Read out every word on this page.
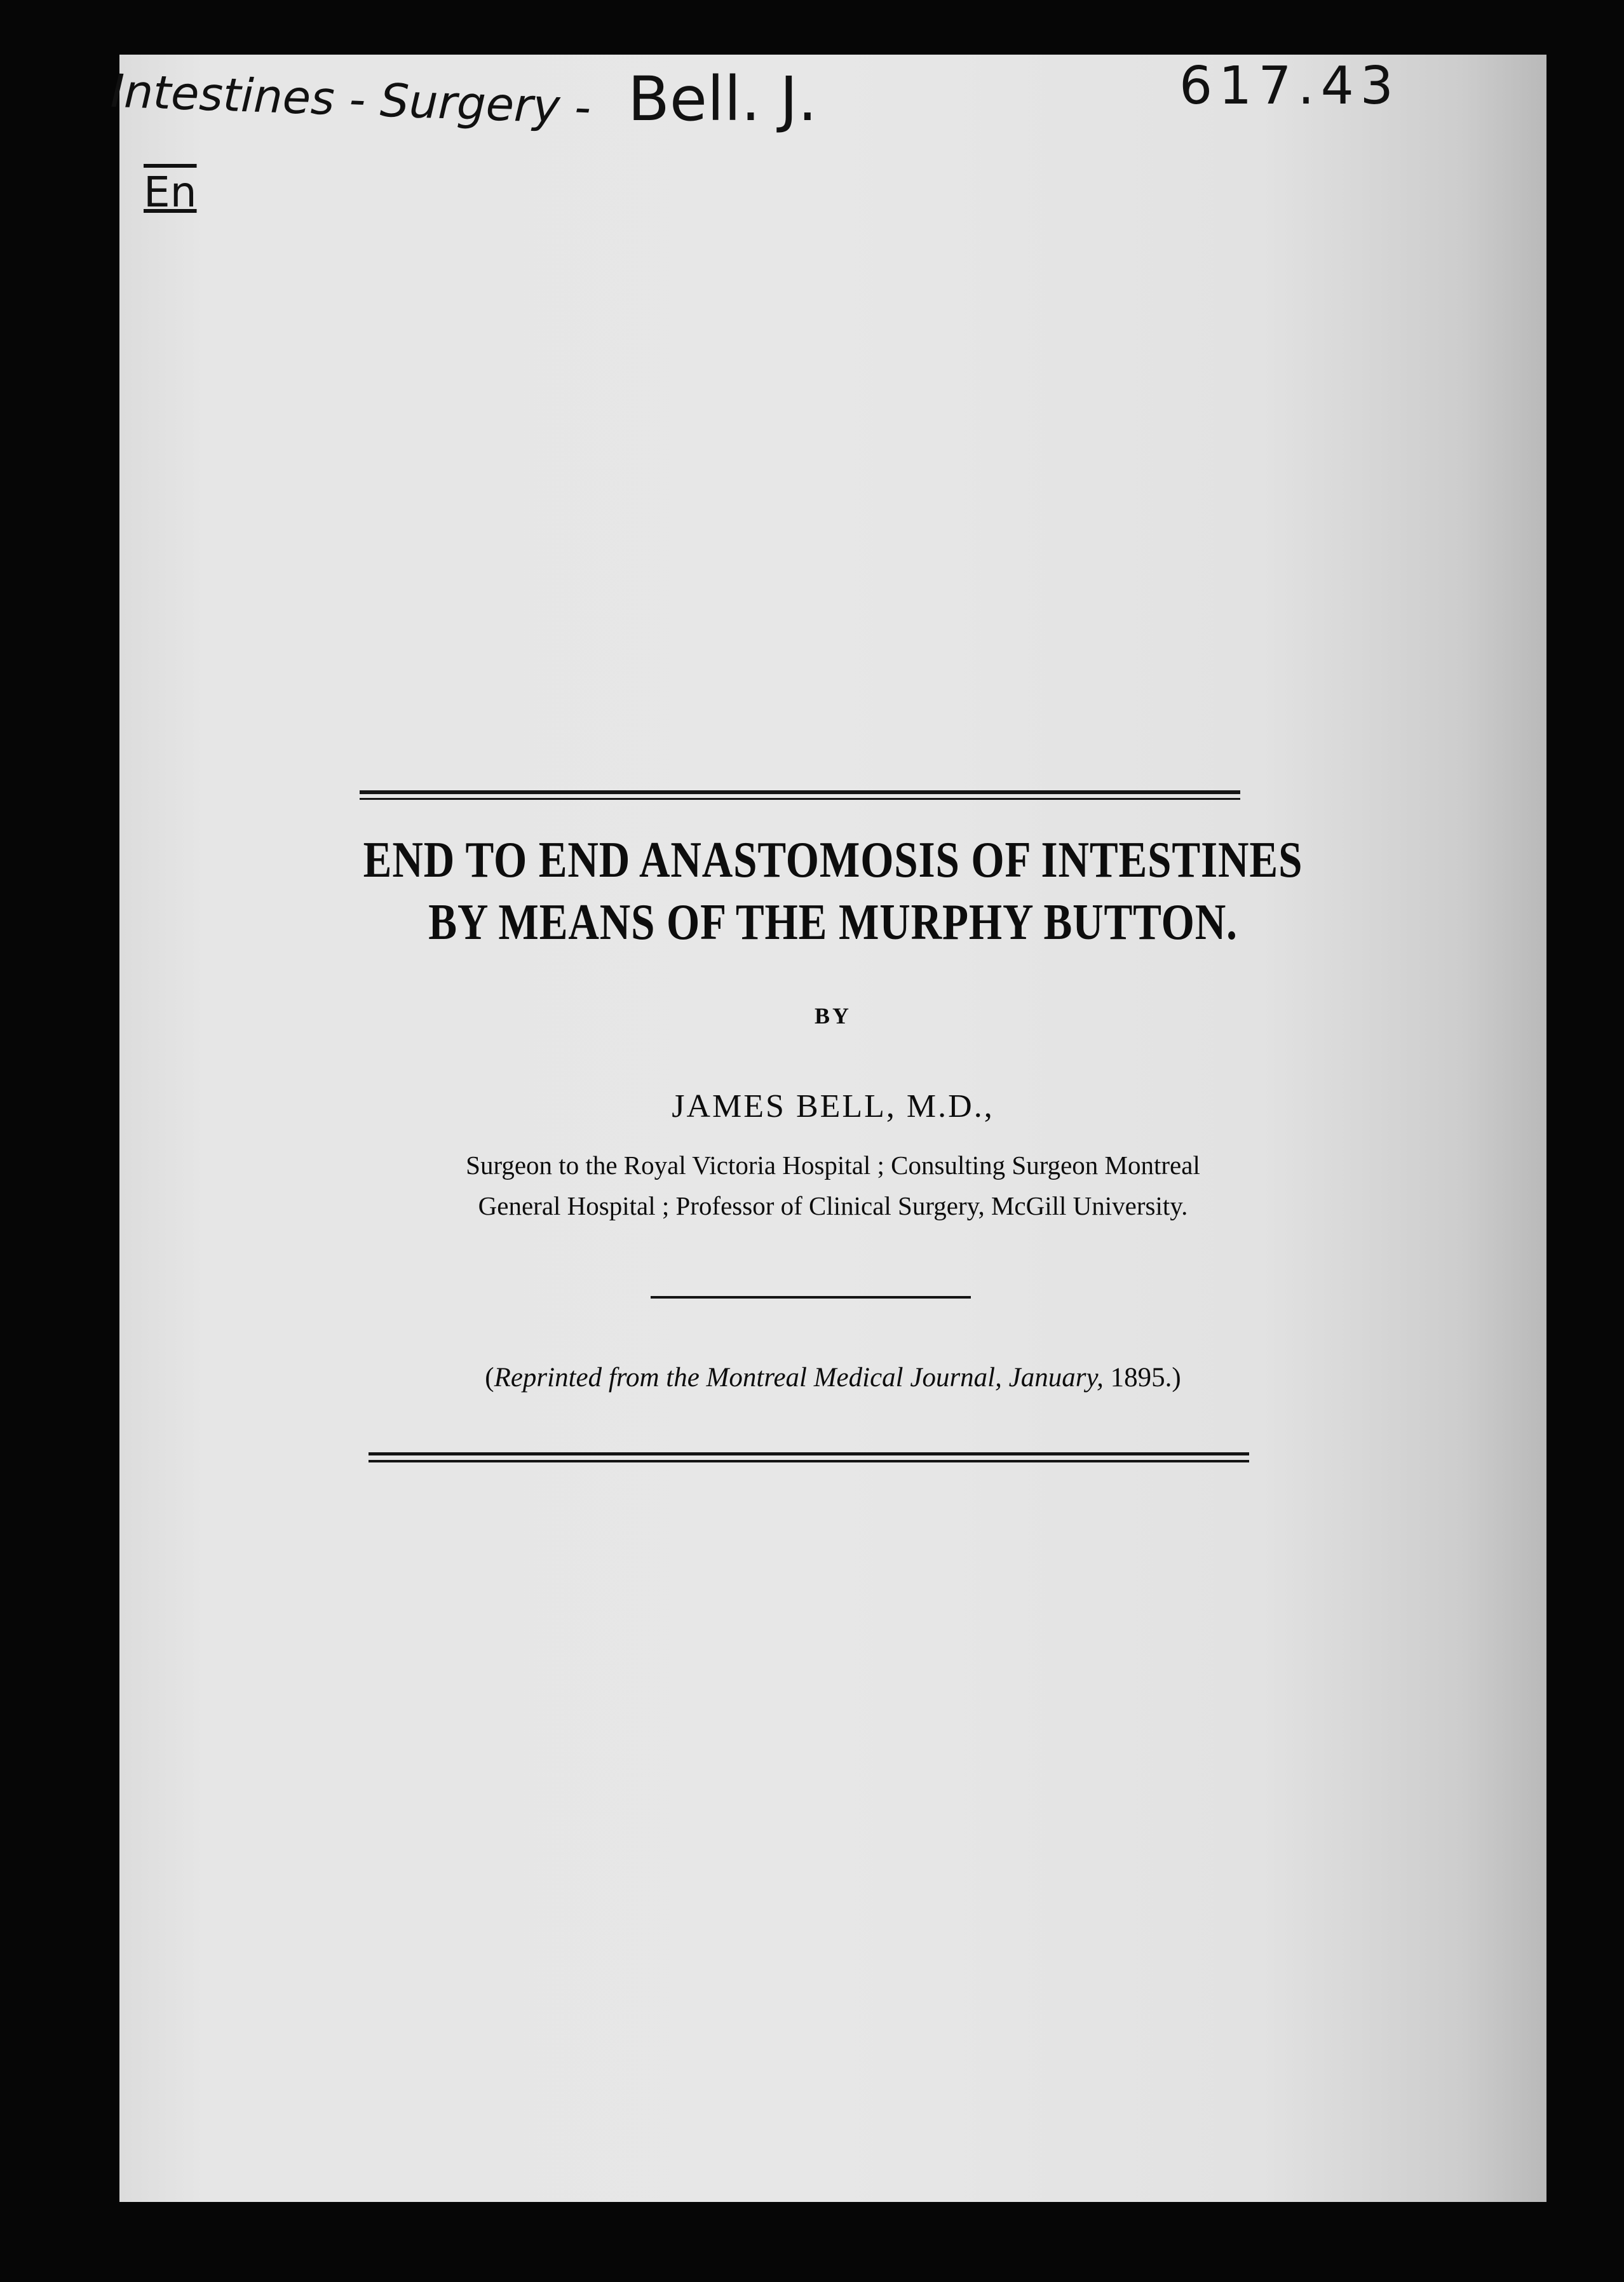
Intestines - Surgery - Bell. J.	617.43
En
END TO END ANASTOMOSIS OF INTESTINES
BY MEANS OF THE MURPHY BUTTON.
BY
JAMES BELL, M.D.,
Surgeon to the Royal Victoria Hospital ; Consulting Surgeon Montreal
General Hospital ; Professor of Clinical Surgery, McGill University.
(Reprinted from the Montreal Medical Journal, January, 1895.)
